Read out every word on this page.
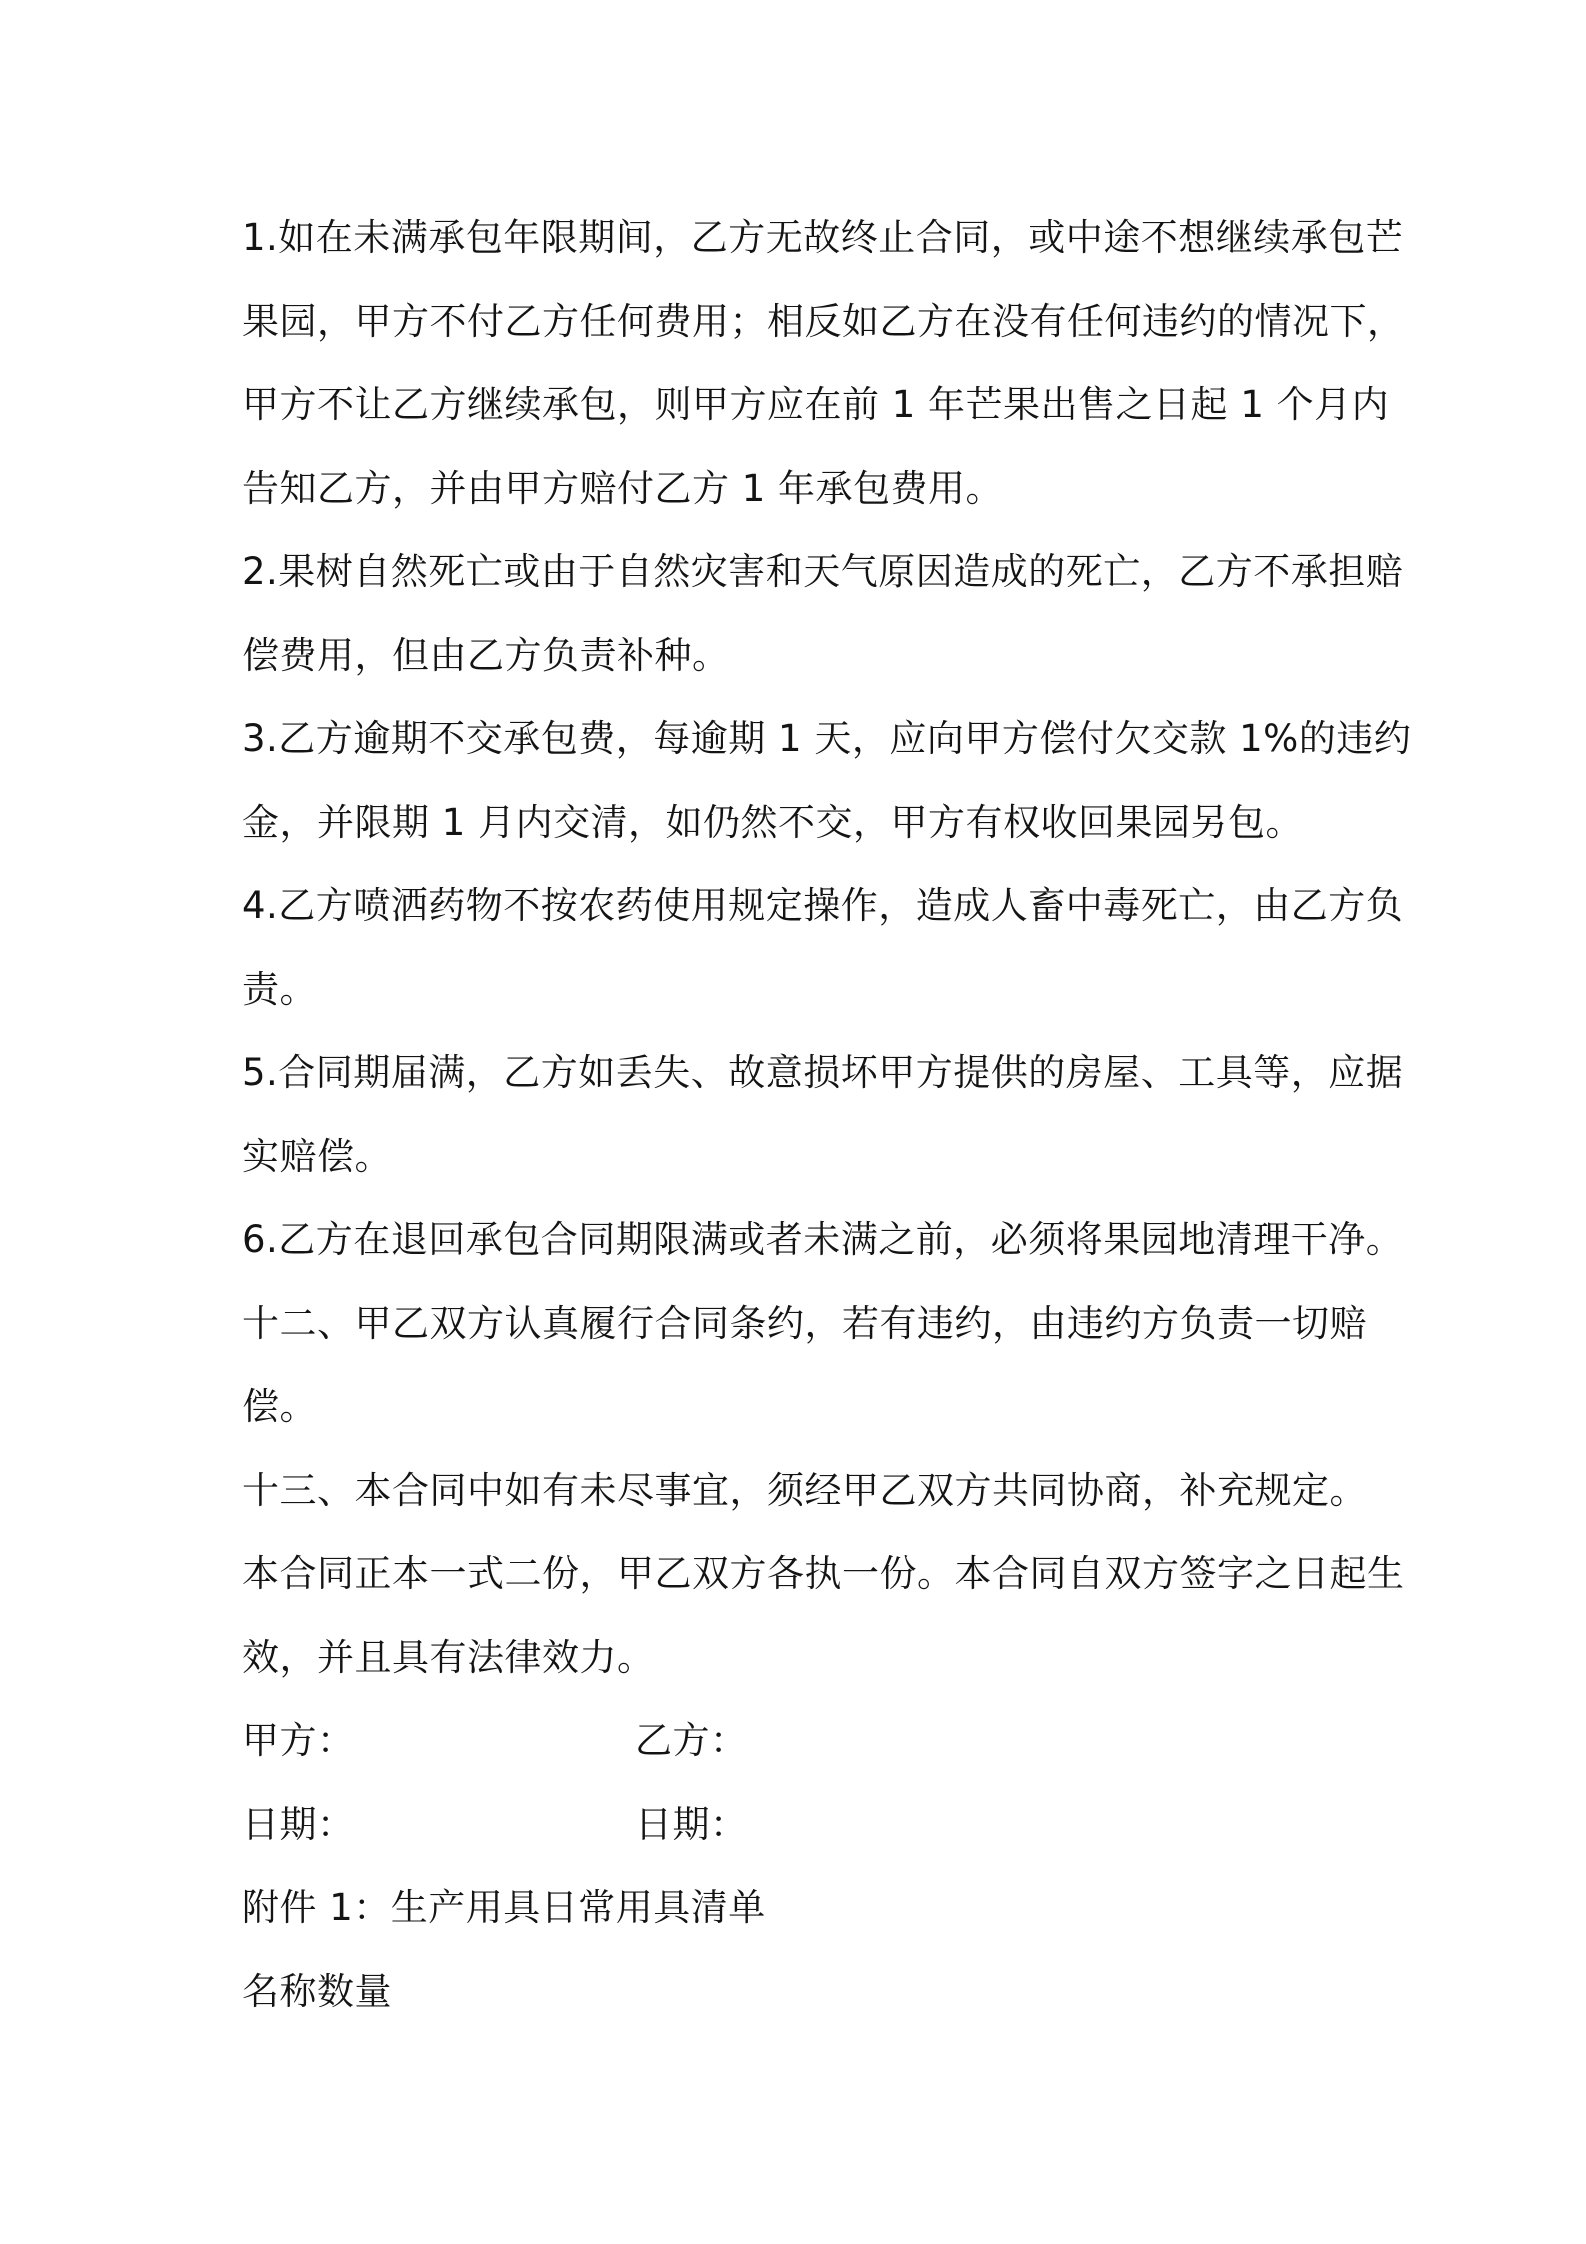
1.如在未满承包年限期间，乙方无故终止合同，或中途不想继续承包芒果园，甲方不付乙方任何费用；相反如乙方在没有任何违约的情况下，甲方不让乙方继续承包，则甲方应在前 1 年芒果出售之日起 1 个月内告知乙方，并由甲方赔付乙方 1 年承包费用。

2.果树自然死亡或由于自然灾害和天气原因造成的死亡，乙方不承担赔偿费用，但由乙方负责补种。

3.乙方逾期不交承包费，每逾期 1 天，应向甲方偿付欠交款 1%的违约金，并限期 1 月内交清，如仍然不交，甲方有权收回果园另包。

4.乙方喷洒药物不按农药使用规定操作，造成人畜中毒死亡，由乙方负责。

5.合同期届满，乙方如丢失、故意损坏甲方提供的房屋、工具等，应据实赔偿。

6.乙方在退回承包合同期限满或者未满之前，必须将果园地清理干净。

十二、甲乙双方认真履行合同条约，若有违约，由违约方负责一切赔偿。

十三、本合同中如有未尽事宜，须经甲乙双方共同协商，补充规定。

本合同正本一式二份，甲乙双方各执一份。本合同自双方签字之日起生效，并且具有法律效力。

甲方：	乙方：
日期：	日期：

附件 1：生产用具日常用具清单

名称数量
